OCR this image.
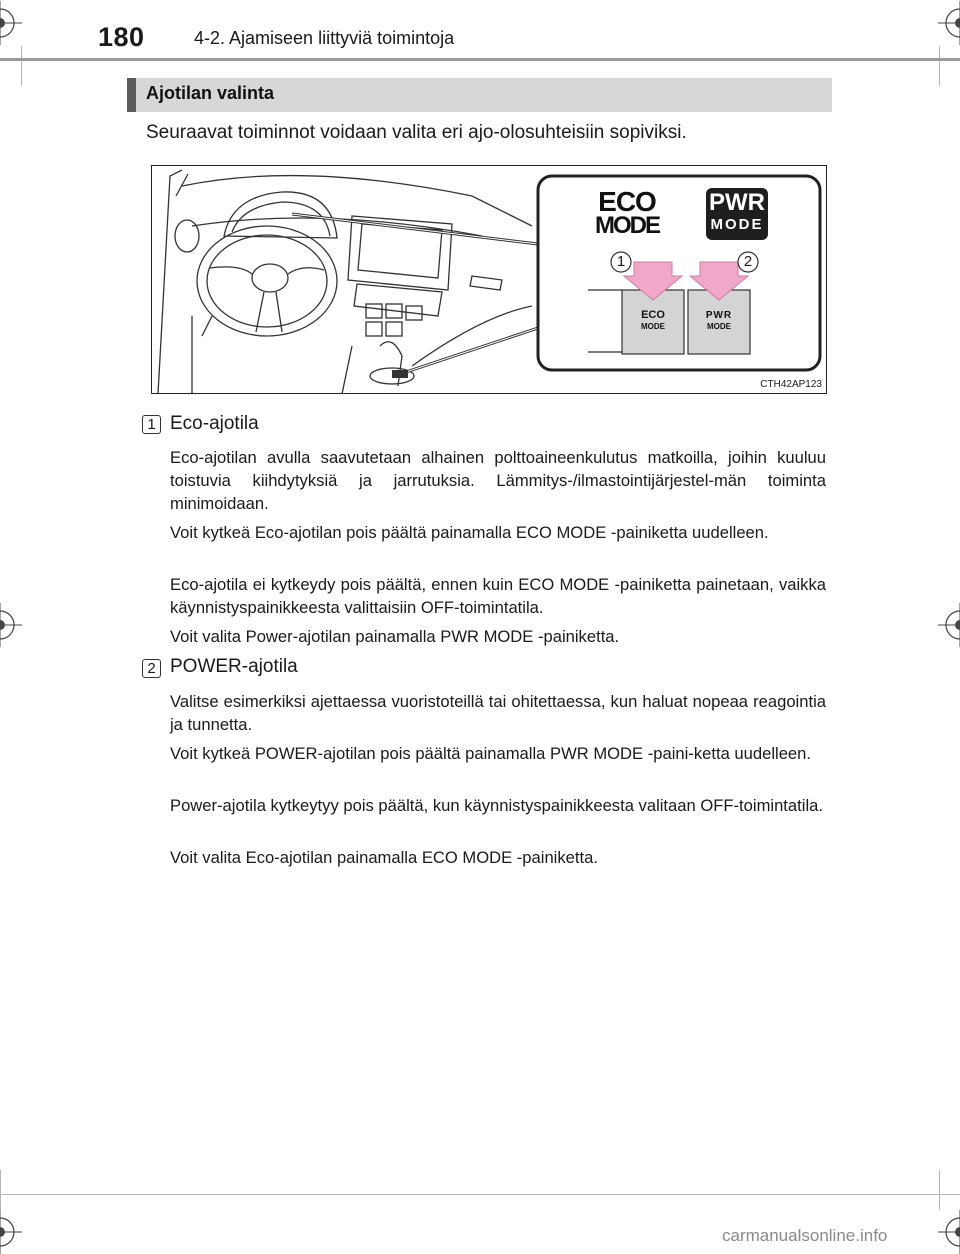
180	4-2. Ajamiseen liittyviä toimintoja
Ajotilan valinta
Seuraavat toiminnot voidaan valita eri ajo-olosuhteisiin sopiviksi.
ECO
MODE
PWR
MODE
1	2
ECO
MODE
PWR
MODE
CTH42AP123
1 Eco-ajotila
Eco-ajotilan avulla saavutetaan alhainen polttoaineenkulutus matkoilla, joihin kuuluu toistuvia kiihdytyksiä ja jarrutuksia. Lämmitys-/ilmastointijärjestel-män toiminta minimoidaan.
Voit kytkeä Eco-ajotilan pois päältä painamalla ECO MODE -painiketta uudelleen.
Eco-ajotila ei kytkeydy pois päältä, ennen kuin ECO MODE -painiketta painetaan, vaikka käynnistyspainikkeesta valittaisiin OFF-toimintatila.
Voit valita Power-ajotilan painamalla PWR MODE -painiketta.
2 POWER-ajotila
Valitse esimerkiksi ajettaessa vuoristoteillä tai ohitettaessa, kun haluat nopeaa reagointia ja tunnetta.
Voit kytkeä POWER-ajotilan pois päältä painamalla PWR MODE -paini-ketta uudelleen.
Power-ajotila kytkeytyy pois päältä, kun käynnistyspainikkeesta valitaan OFF-toimintatila.
Voit valita Eco-ajotilan painamalla ECO MODE -painiketta.
carmanualsonline.info
